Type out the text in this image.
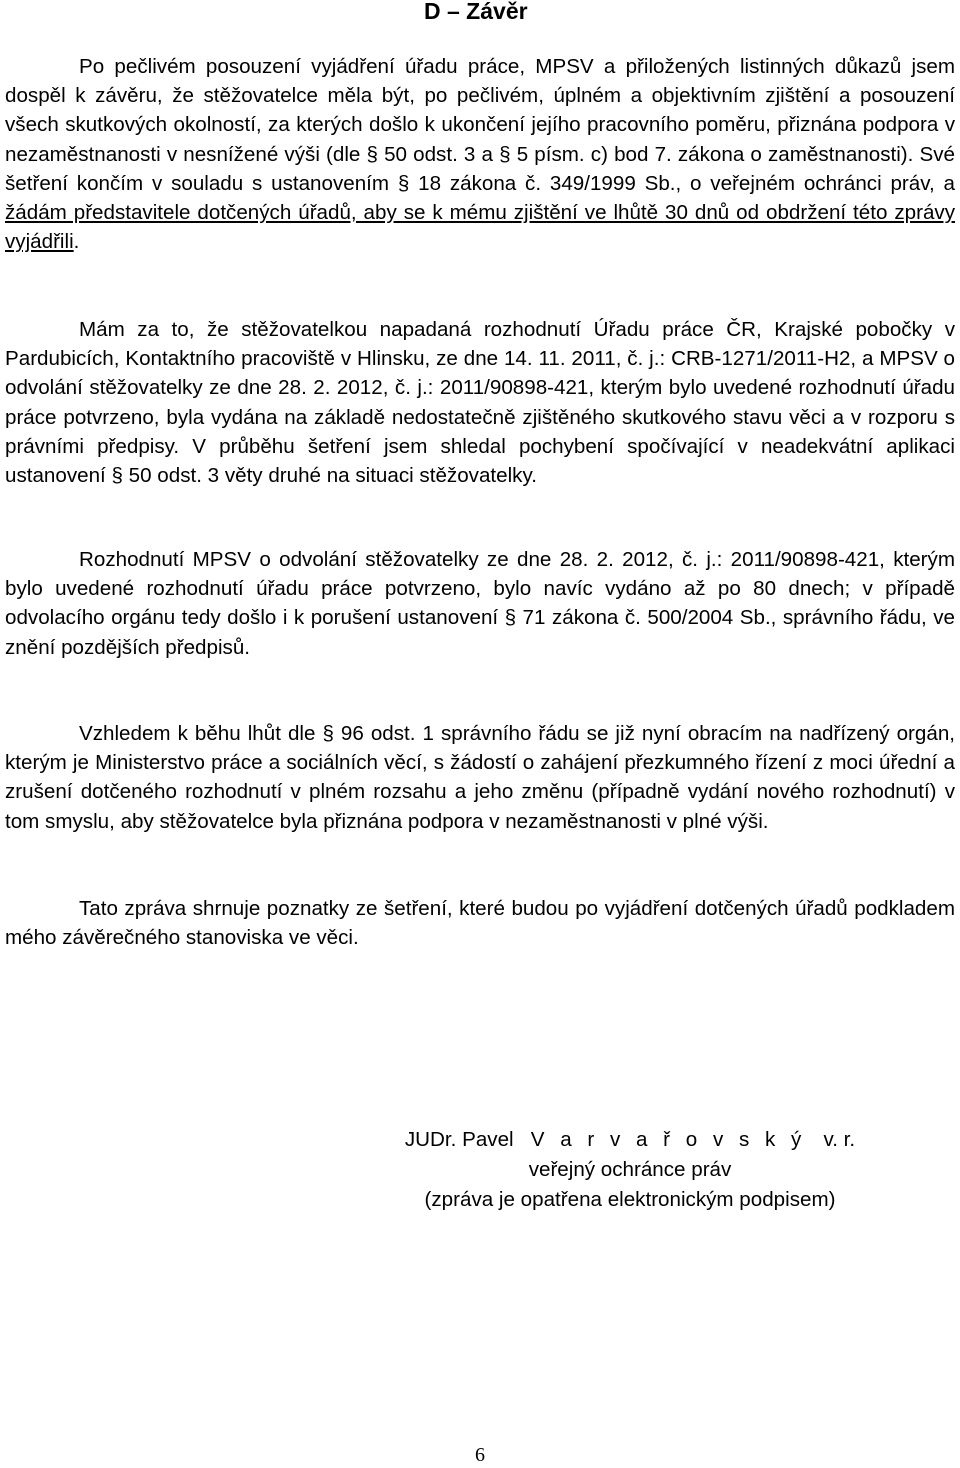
D – Závěr

Po pečlivém posouzení vyjádření úřadu práce, MPSV a přiložených listinných důkazů jsem dospěl k závěru, že stěžovatelce měla být, po pečlivém, úplném a objektivním zjištění a posouzení všech skutkových okolností, za kterých došlo k ukončení jejího pracovního poměru, přiznána podpora v nezaměstnanosti v nesnížené výši (dle § 50 odst. 3 a § 5 písm. c) bod 7. zákona o zaměstnanosti). Své šetření končím v souladu s ustanovením § 18 zákona č. 349/1999 Sb., o veřejném ochránci práv, a žádám představitele dotčených úřadů, aby se k mému zjištění ve lhůtě 30 dnů od obdržení této zprávy vyjádřili.

Mám za to, že stěžovatelkou napadaná rozhodnutí Úřadu práce ČR, Krajské pobočky v Pardubicích, Kontaktního pracoviště v Hlinsku, ze dne 14. 11. 2011, č. j.: CRB-1271/2011-H2, a MPSV o odvolání stěžovatelky ze dne 28. 2. 2012, č. j.: 2011/90898-421, kterým bylo uvedené rozhodnutí úřadu práce potvrzeno, byla vydána na základě nedostatečně zjištěného skutkového stavu věci a v rozporu s právními předpisy. V průběhu šetření jsem shledal pochybení spočívající v neadekvátní aplikaci ustanovení § 50 odst. 3 věty druhé na situaci stěžovatelky.

Rozhodnutí MPSV o odvolání stěžovatelky ze dne 28. 2. 2012, č. j.: 2011/90898-421, kterým bylo uvedené rozhodnutí úřadu práce potvrzeno, bylo navíc vydáno až po 80 dnech; v případě odvolacího orgánu tedy došlo i k porušení ustanovení § 71 zákona č. 500/2004 Sb., správního řádu, ve znění pozdějších předpisů.

Vzhledem k běhu lhůt dle § 96 odst. 1 správního řádu se již nyní obracím na nadřízený orgán, kterým je Ministerstvo práce a sociálních věcí, s žádostí o zahájení přezkumného řízení z moci úřední a zrušení dotčeného rozhodnutí v plném rozsahu a jeho změnu (případně vydání nového rozhodnutí) v tom smyslu, aby stěžovatelce byla přiznána podpora v nezaměstnanosti v plné výši.

Tato zpráva shrnuje poznatky ze šetření, které budou po vyjádření dotčených úřadů podkladem mého závěrečného stanoviska ve věci.

JUDr. Pavel V a r v a ř o v s k ý v. r.
veřejný ochránce práv
(zpráva je opatřena elektronickým podpisem)
6
